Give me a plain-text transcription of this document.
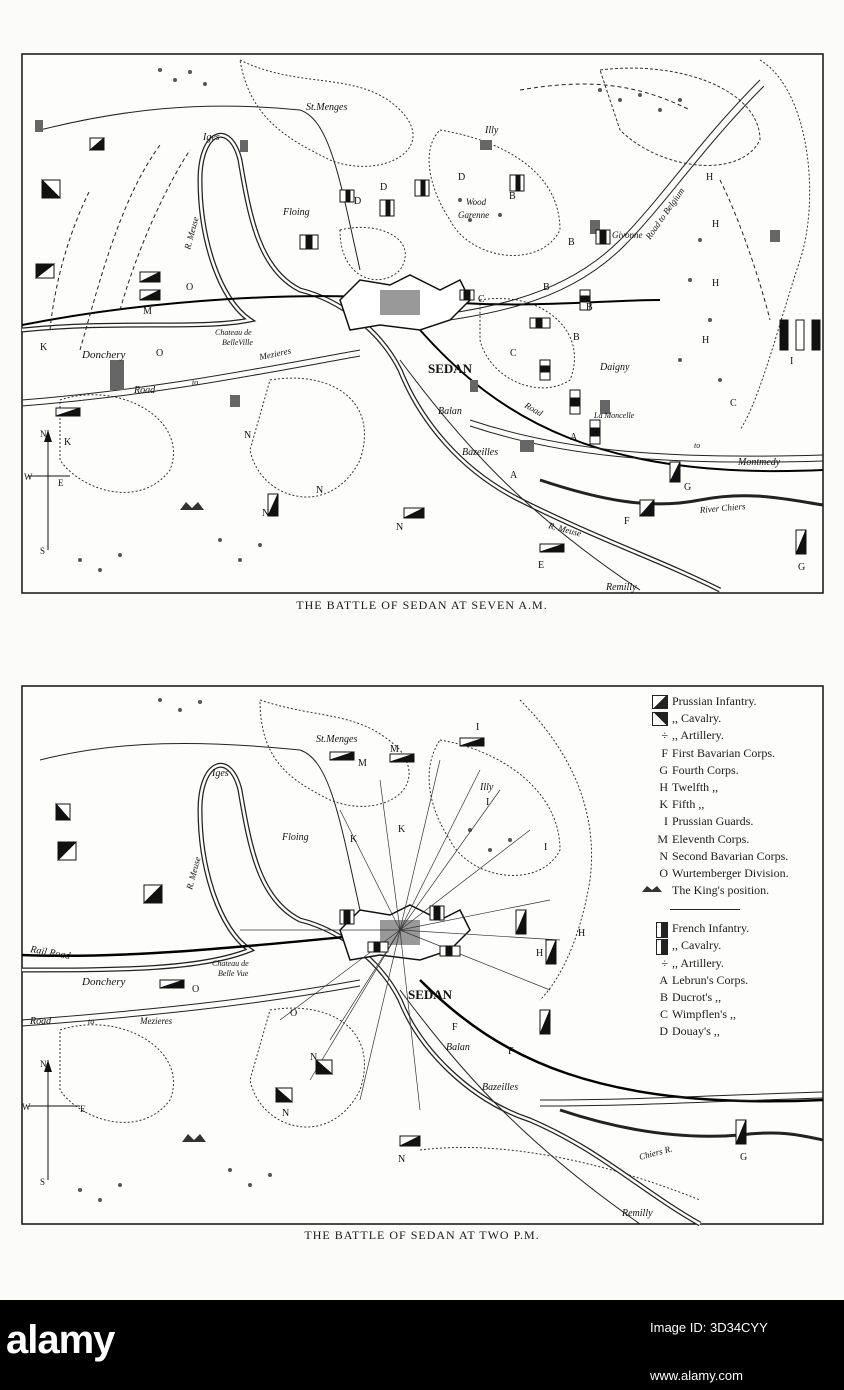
N
W
E
S
St.Menges
Illy
Iges
Floing
Wood
Garenne
Givonne Road to Belgium
R. Meuse
Chateau de
BelleVille
Donchery
Road
to
Mezieres
SEDAN
Balan
Daigny
La Moncelle
Road
Bazeilles
to
Montmedy
River Chiers
R. Meuse
Remilly
D
D
D
B
B
B
C
B
B
C
A
A
H
H
H
H
I
M
O
O
K
K
N
N
N
N
E
F
G
G
C
THE BATTLE OF SEDAN AT SEVEN A.M.
N
W	E
S
St.Menges
Illy
Iges
Floing
R. Meuse
Rail Road
Donchery
Chateau de
Belle Vue
Road	to	Mezieres
SEDAN
Balan
Bazeilles
Chiers R.
Remilly
I
M
M
I
K
K
I
H
H
F
F
O
O
N
N
N	G
Prussian Infantry.
,, Cavalry.
÷ ,, Artillery.
F First Bavarian Corps.
G Fourth Corps.
H Twelfth ,,
K Fifth ,,
I Prussian Guards.
M Eleventh Corps.
N Second Bavarian Corps.
O Wurtemberger Division.
The King's position.
French Infantry.
,, Cavalry.
÷ ,, Artillery.
A Lebrun's Corps.
B Ducrot's ,,
C Wimpflen's ,,
D Douay's ,,
THE BATTLE OF SEDAN AT TWO P.M.
alamy	Image ID: 3D34CYY
www.alamy.com
